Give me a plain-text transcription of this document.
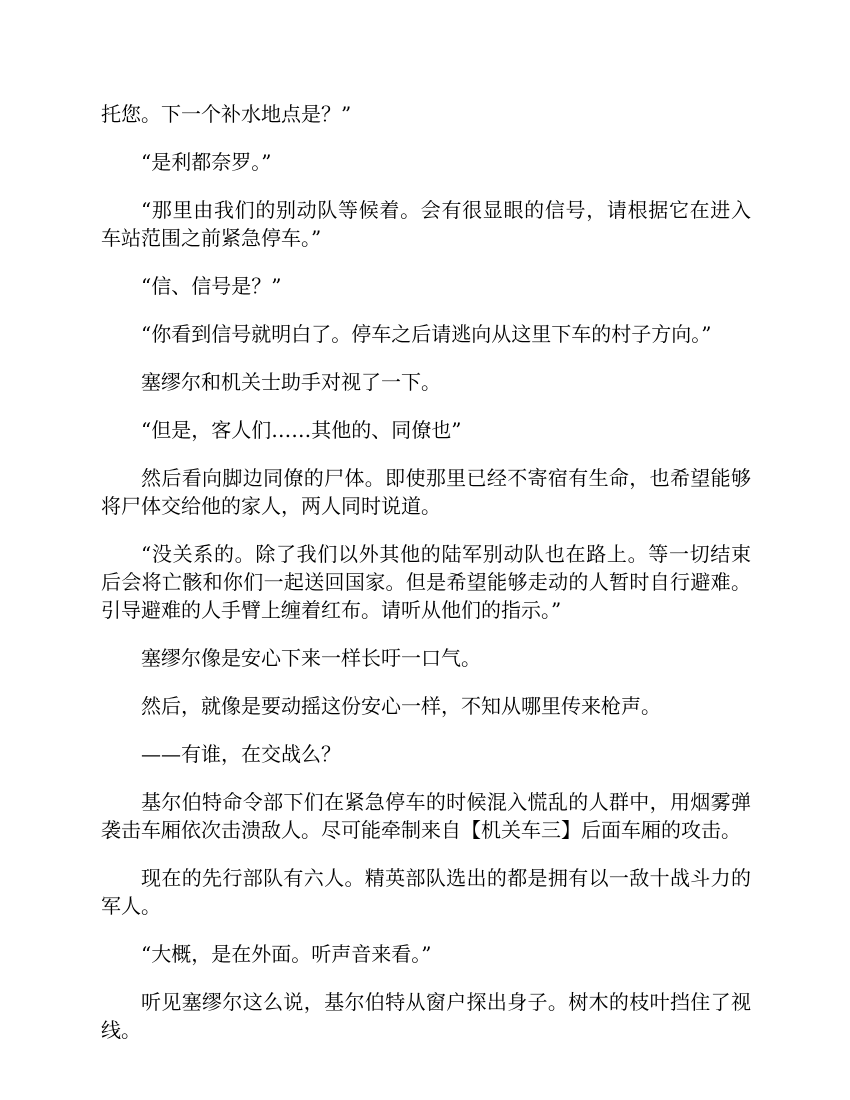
托您。下一个补水地点是？”

“是利都奈罗。”

“那里由我们的别动队等候着。会有很显眼的信号，请根据它在进入车站范围之前紧急停车。”

“信、信号是？”

“你看到信号就明白了。停车之后请逃向从这里下车的村子方向。”

塞缪尔和机关士助手对视了一下。

“但是，客人们……其他的、同僚也”

然后看向脚边同僚的尸体。即使那里已经不寄宿有生命，也希望能够将尸体交给他的家人，两人同时说道。

“没关系的。除了我们以外其他的陆军别动队也在路上。等一切结束后会将亡骸和你们一起送回国家。但是希望能够走动的人暂时自行避难。引导避难的人手臂上缠着红布。请听从他们的指示。”

塞缪尔像是安心下来一样长吁一口气。

然后，就像是要动摇这份安心一样，不知从哪里传来枪声。

——有谁，在交战么？

基尔伯特命令部下们在紧急停车的时候混入慌乱的人群中，用烟雾弹袭击车厢依次击溃敌人。尽可能牵制来自【机关车三】后面车厢的攻击。

现在的先行部队有六人。精英部队选出的都是拥有以一敌十战斗力的军人。

“大概，是在外面。听声音来看。”

听见塞缪尔这么说，基尔伯特从窗户探出身子。树木的枝叶挡住了视线。
